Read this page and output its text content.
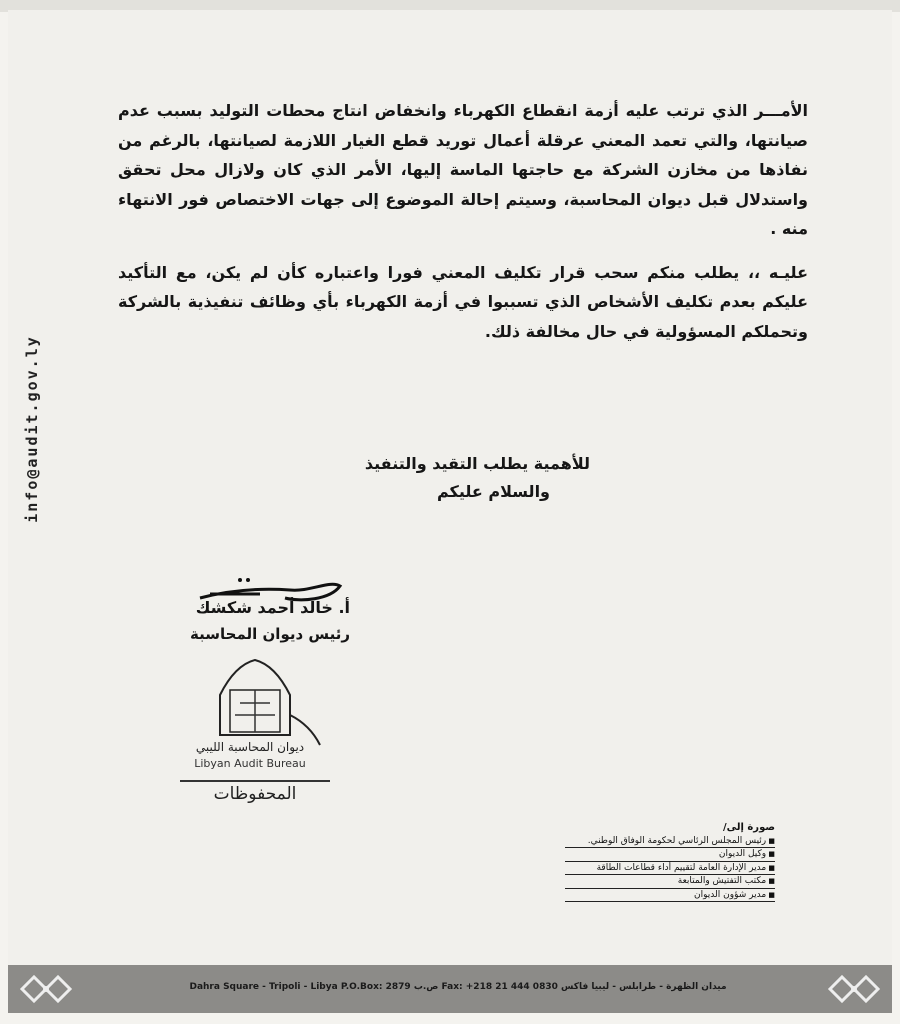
الأمـــر الذي ترتب عليه أزمة انقطاع الكهرباء وانخفاض انتاج محطات التوليد بسبب عدم صيانتها، والتي تعمد المعني عرقلة أعمال توريد قطع الغيار اللازمة لصيانتها، بالرغم من نفاذها من مخازن الشركة مع حاجتها الماسة إليها، الأمر الذي كان ولازال محل تحقق واستدلال قبل ديوان المحاسبة، وسيتم إحالة الموضوع إلى جهات الاختصاص فور الانتهاء منه .

عليـه ،، يطلب منكم سحب قرار تكليف المعني فورا واعتباره كأن لم يكن، مع التأكيد عليكم بعدم تكليف الأشخاص الذي تسببوا في أزمة الكهرباء بأي وظائف تنفيذية بالشركة وتحملكم المسؤولية في حال مخالفة ذلك.

للأهمية يطلب التقيد والتنفيذ
والسلام عليكم
أ. خالد أحمد شكشك
رئيس ديوان المحاسبة
ديوان المحاسبة الليبي
Libyan Audit Bureau
المحفوظات
صورة إلى/
■ رئيس المجلس الرئاسي لحكومة الوفاق الوطني.
■ وكيل الديوان
■ مدير الإدارة العامة لتقييم أداء قطاعات الطاقة
■ مكتب التفتيش والمتابعة
■ مدير شؤون الديوان
info@audit.gov.ly
Dahra Square - Tripoli - Libya P.O.Box: 2879 ص.ب Fax: +218 21 444 0830 ميدان الظهرة - طرابلس - ليبيا فاكس
